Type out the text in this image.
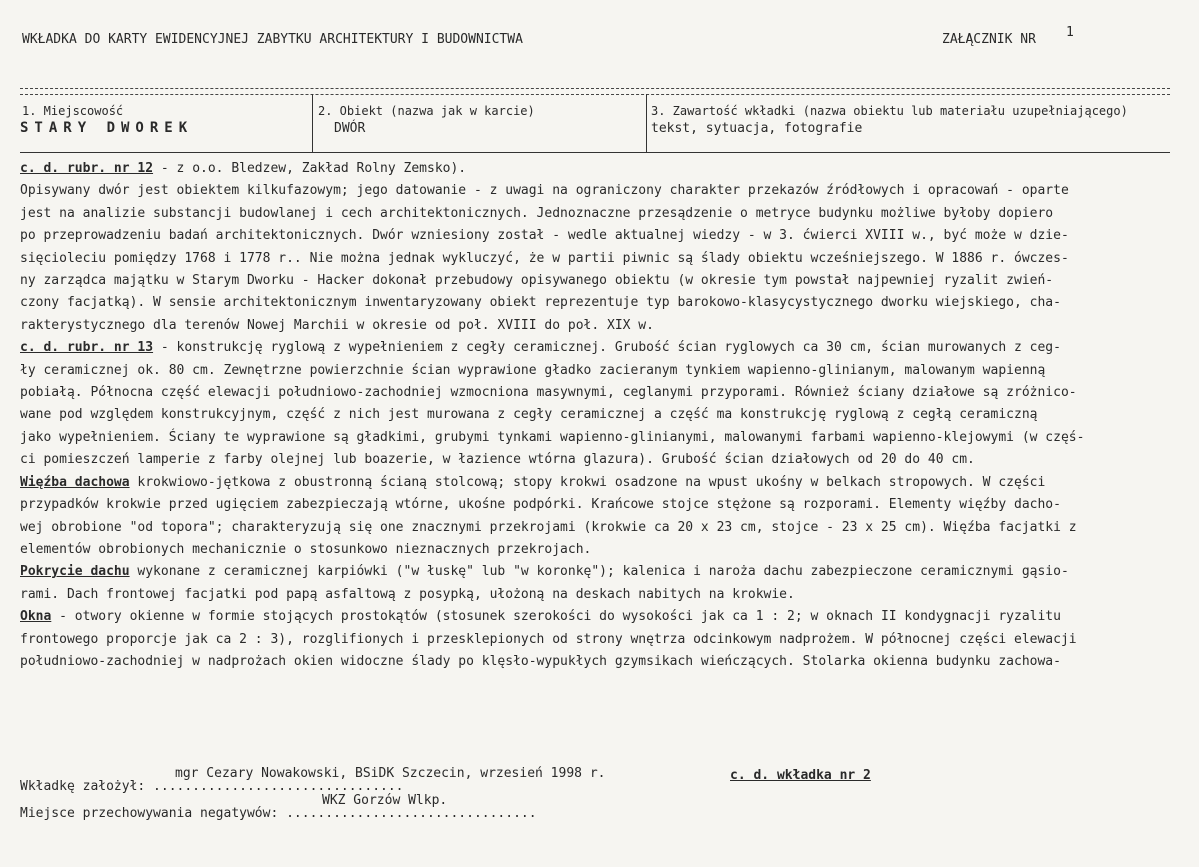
WKŁADKA DO KARTY EWIDENCYJNEJ ZABYTKU ARCHITEKTURY I BUDOWNICTWA	ZAŁĄCZNIK NR 1
1. Miejscowość
STARY DWOREK
2. Obiekt (nazwa jak w karcie)
DWÓR
3. Zawartość wkładki (nazwa obiektu lub materiału uzupełniającego)
tekst, sytuacja, fotografie

c. d. rubr. nr 12 - z o.o. Bledzew, Zakład Rolny Zemsko).

Opisywany dwór jest obiektem kilkufazowym; jego datowanie - z uwagi na ograniczony charakter przekazów źródłowych i opracowań - oparte

jest na analizie substancji budowlanej i cech architektonicznych. Jednoznaczne przesądzenie o metryce budynku możliwe byłoby dopiero

po przeprowadzeniu badań architektonicznych. Dwór wzniesiony został - wedle aktualnej wiedzy - w 3. ćwierci XVIII w., być może w dzie-

sięcioleciu pomiędzy 1768 i 1778 r.. Nie można jednak wykluczyć, że w partii piwnic są ślady obiektu wcześniejszego. W 1886 r. ówczes-

ny zarządca majątku w Starym Dworku - Hacker dokonał przebudowy opisywanego obiektu (w okresie tym powstał najpewniej ryzalit zwień-

czony facjatką). W sensie architektonicznym inwentaryzowany obiekt reprezentuje typ barokowo-klasycystycznego dworku wiejskiego, cha-

rakterystycznego dla terenów Nowej Marchii w okresie od poł. XVIII do poł. XIX w.

c. d. rubr. nr 13 - konstrukcję ryglową z wypełnieniem z cegły ceramicznej. Grubość ścian ryglowych ca 30 cm, ścian murowanych z ceg-

ły ceramicznej ok. 80 cm. Zewnętrzne powierzchnie ścian wyprawione gładko zacieranym tynkiem wapienno-glinianym, malowanym wapienną

pobiałą. Północna część elewacji południowo-zachodniej wzmocniona masywnymi, ceglanymi przyporami. Również ściany działowe są zróżnico-

wane pod względem konstrukcyjnym, część z nich jest murowana z cegły ceramicznej a część ma konstrukcję ryglową z cegłą ceramiczną

jako wypełnieniem. Ściany te wyprawione są gładkimi, grubymi tynkami wapienno-glinianymi, malowanymi farbami wapienno-klejowymi (w częś-

ci pomieszczeń lamperie z farby olejnej lub boazerie, w łazience wtórna glazura). Grubość ścian działowych od 20 do 40 cm.

Więźba dachowa krokwiowo-jętkowa z obustronną ścianą stolcową; stopy krokwi osadzone na wpust ukośny w belkach stropowych. W części

przypadków krokwie przed ugięciem zabezpieczają wtórne, ukośne podpórki. Krańcowe stojce stężone są rozporami. Elementy więźby dacho-

wej obrobione "od topora"; charakteryzują się one znacznymi przekrojami (krokwie ca 20 x 23 cm, stojce - 23 x 25 cm). Więźba facjatki z

elementów obrobionych mechanicznie o stosunkowo nieznacznych przekrojach.

Pokrycie dachu wykonane z ceramicznej karpiówki ("w łuskę" lub "w koronkę"); kalenica i naroża dachu zabezpieczone ceramicznymi gąsio-

rami. Dach frontowej facjatki pod papą asfaltową z posypką, ułożoną na deskach nabitych na krokwie.

Okna - otwory okienne w formie stojących prostokątów (stosunek szerokości do wysokości jak ca 1 : 2; w oknach II kondygnacji ryzalitu

frontowego proporcje jak ca 2 : 3), rozglifionych i przesklepionych od strony wnętrza odcinkowym nadprożem. W północnej części elewacji

południowo-zachodniej w nadprożach okien widoczne ślady po klęsło-wypukłych gzymsikach wieńczących. Stolarka okienna budynku zachowa-

mgr Cezary Nowakowski, BSiDK Szczecin, wrzesień 1998 r.
Wkładkę założył: ................................
c. d. wkładka nr 2
WKZ Gorzów Wlkp.
Miejsce przechowywania negatywów: ................................
